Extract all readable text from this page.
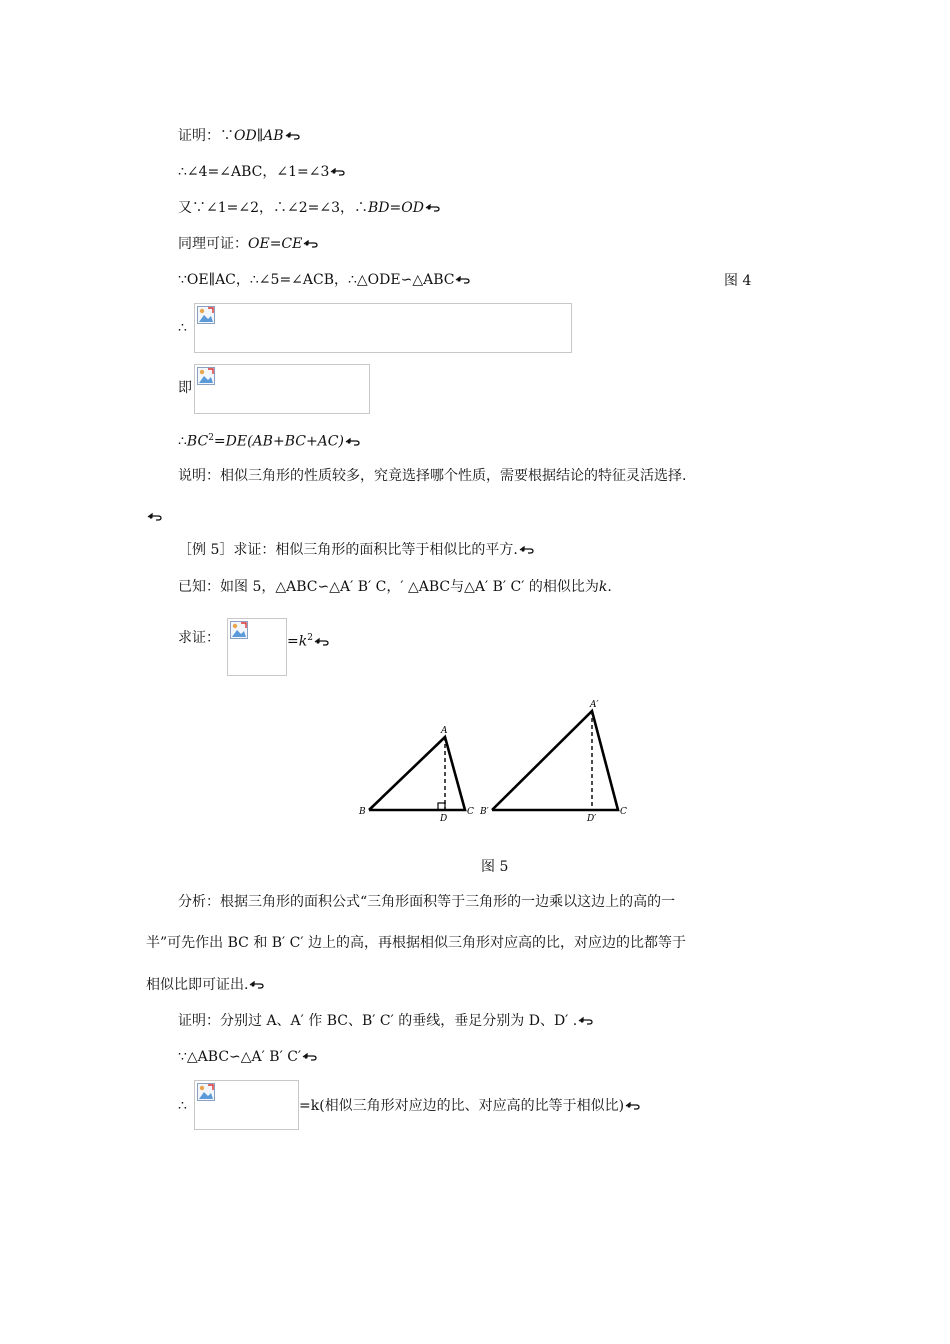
证明：∵OD∥AB
∴∠4=∠ABC，∠1=∠3
又∵∠1=∠2，∴∠2=∠3，∴BD=OD
同理可证：OE=CE
∵OE∥AC，∴∠5=∠ACB，∴△ODE∽△ABC	图 4
∴
即
$\therefore BC^2=DE(AB+BC+AC)$
说明：相似三角形的性质较多，究竟选择哪个性质，需要根据结论的特征灵活选择.
［例 5］求证：相似三角形的面积比等于相似比的平方.
已知：如图 5，△ABC∽△A′ B′ C，′ △ABC与△A′ B′ C′ 的相似比为k.
求证：	$=k^2$
A
B	C
D
A′
B′	C
D′
图 5
分析：根据三角形的面积公式“三角形面积等于三角形的一边乘以这边上的高的一
半”可先作出 BC 和 B′ C′ 边上的高，再根据相似三角形对应高的比，对应边的比都等于
相似比即可证出.
证明：分别过 A、A′ 作 BC、B′ C′ 的垂线，垂足分别为 D、D′ .
∵△ABC∽△A′ B′ C′
∴	=k(相似三角形对应边的比、对应高的比等于相似比)
